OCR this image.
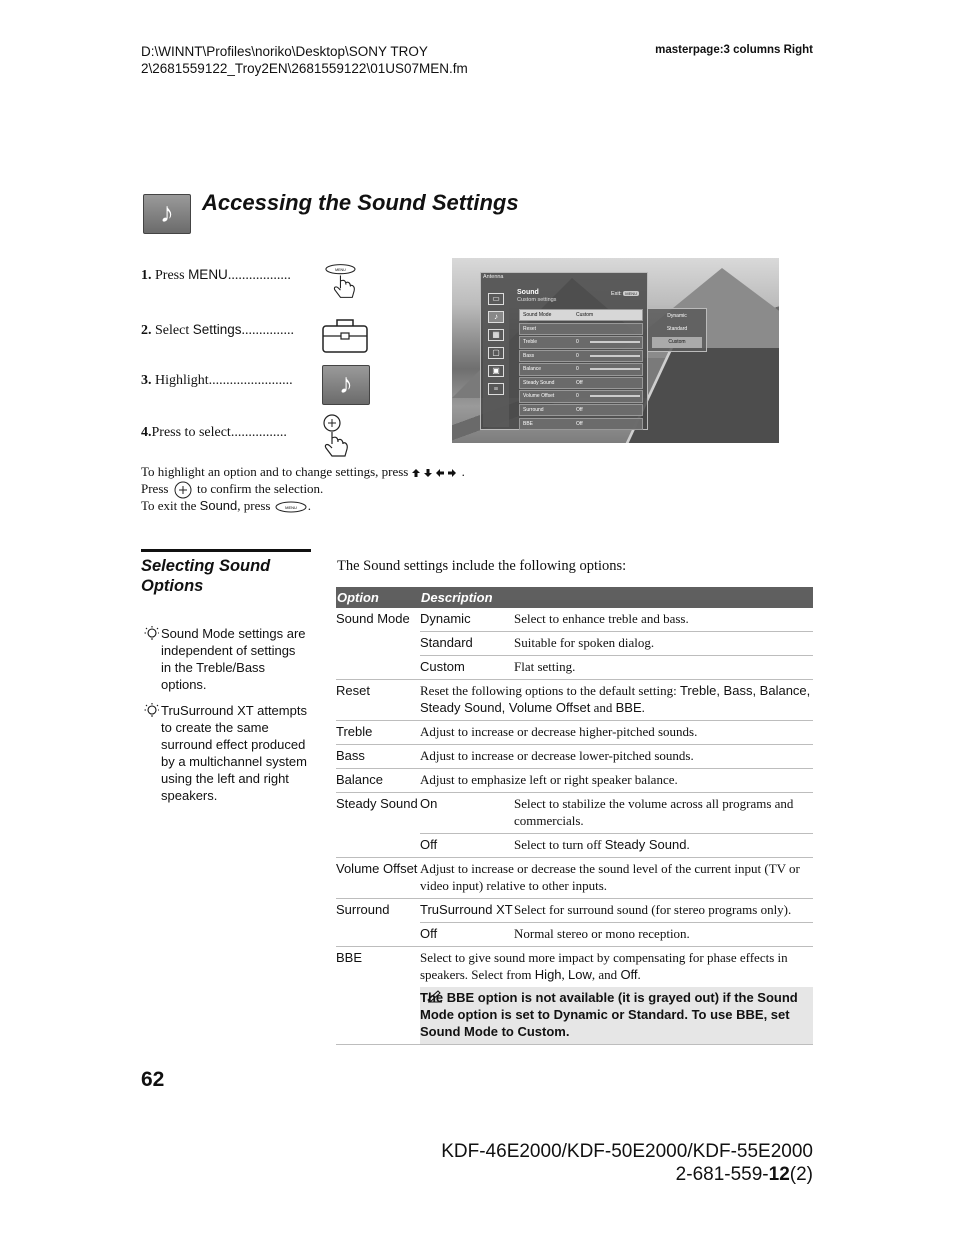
D:\WINNT\Profiles\noriko\Desktop\SONY TROY
2\2681559122_Troy2EN\2681559122\01US07MEN.fm
masterpage:3 columns Right
♪	Accessing the Sound Settings
1. Press MENU..................	MENU
2. Select Settings...............
3. Highlight........................	♪
4.Press to select................
Antenna
▭
♪
▦
▢
▣
≡
Sound
Custom settings
Exit: MENU
Sound Mode	Custom
Reset
Treble	0
Bass	0
Balance	0
Steady Sound	Off
Volume Offset	0
Surround	Off
BBE	Off
Dynamic
Standard
Custom
To highlight an option and to change settings, press	.
Press to confirm the selection.
To exit the Sound, press	MENU .
Selecting Sound Options
Sound Mode settings are independent of settings in the Treble/Bass options.
TruSurround XT attempts to create the same surround effect produced by a multichannel system using the left and right speakers.
The Sound settings include the following options:
Option	Description	
Sound Mode	Dynamic	Select to enhance treble and bass.
	Standard	Suitable for spoken dialog.
	Custom	Flat setting.
Reset	Reset the following options to the default setting: Treble, Bass, Balance, Steady Sound, Volume Offset and BBE.	
Treble	Adjust to increase or decrease higher-pitched sounds.	
Bass	Adjust to increase or decrease lower-pitched sounds.	
Balance	Adjust to emphasize left or right speaker balance.	
Steady Sound	On	Select to stabilize the volume across all programs and commercials.
	Off	Select to turn off Steady Sound.
Volume Offset	Adjust to increase or decrease the sound level of the current input (TV or video input) relative to other inputs.	
Surround	TruSurround XT	Select for surround sound (for stereo programs only).
	Off	Normal stereo or mono reception.
BBE	Select to give sound more impact by compensating for phase effects in speakers. Select from High, Low, and Off.	

The BBE option is not available (it is grayed out) if the Sound Mode option is set to Dynamic or Standard. To use BBE, set Sound Mode to Custom.	
62
KDF-46E2000/KDF-50E2000/KDF-55E2000
2-681-559-12(2)
